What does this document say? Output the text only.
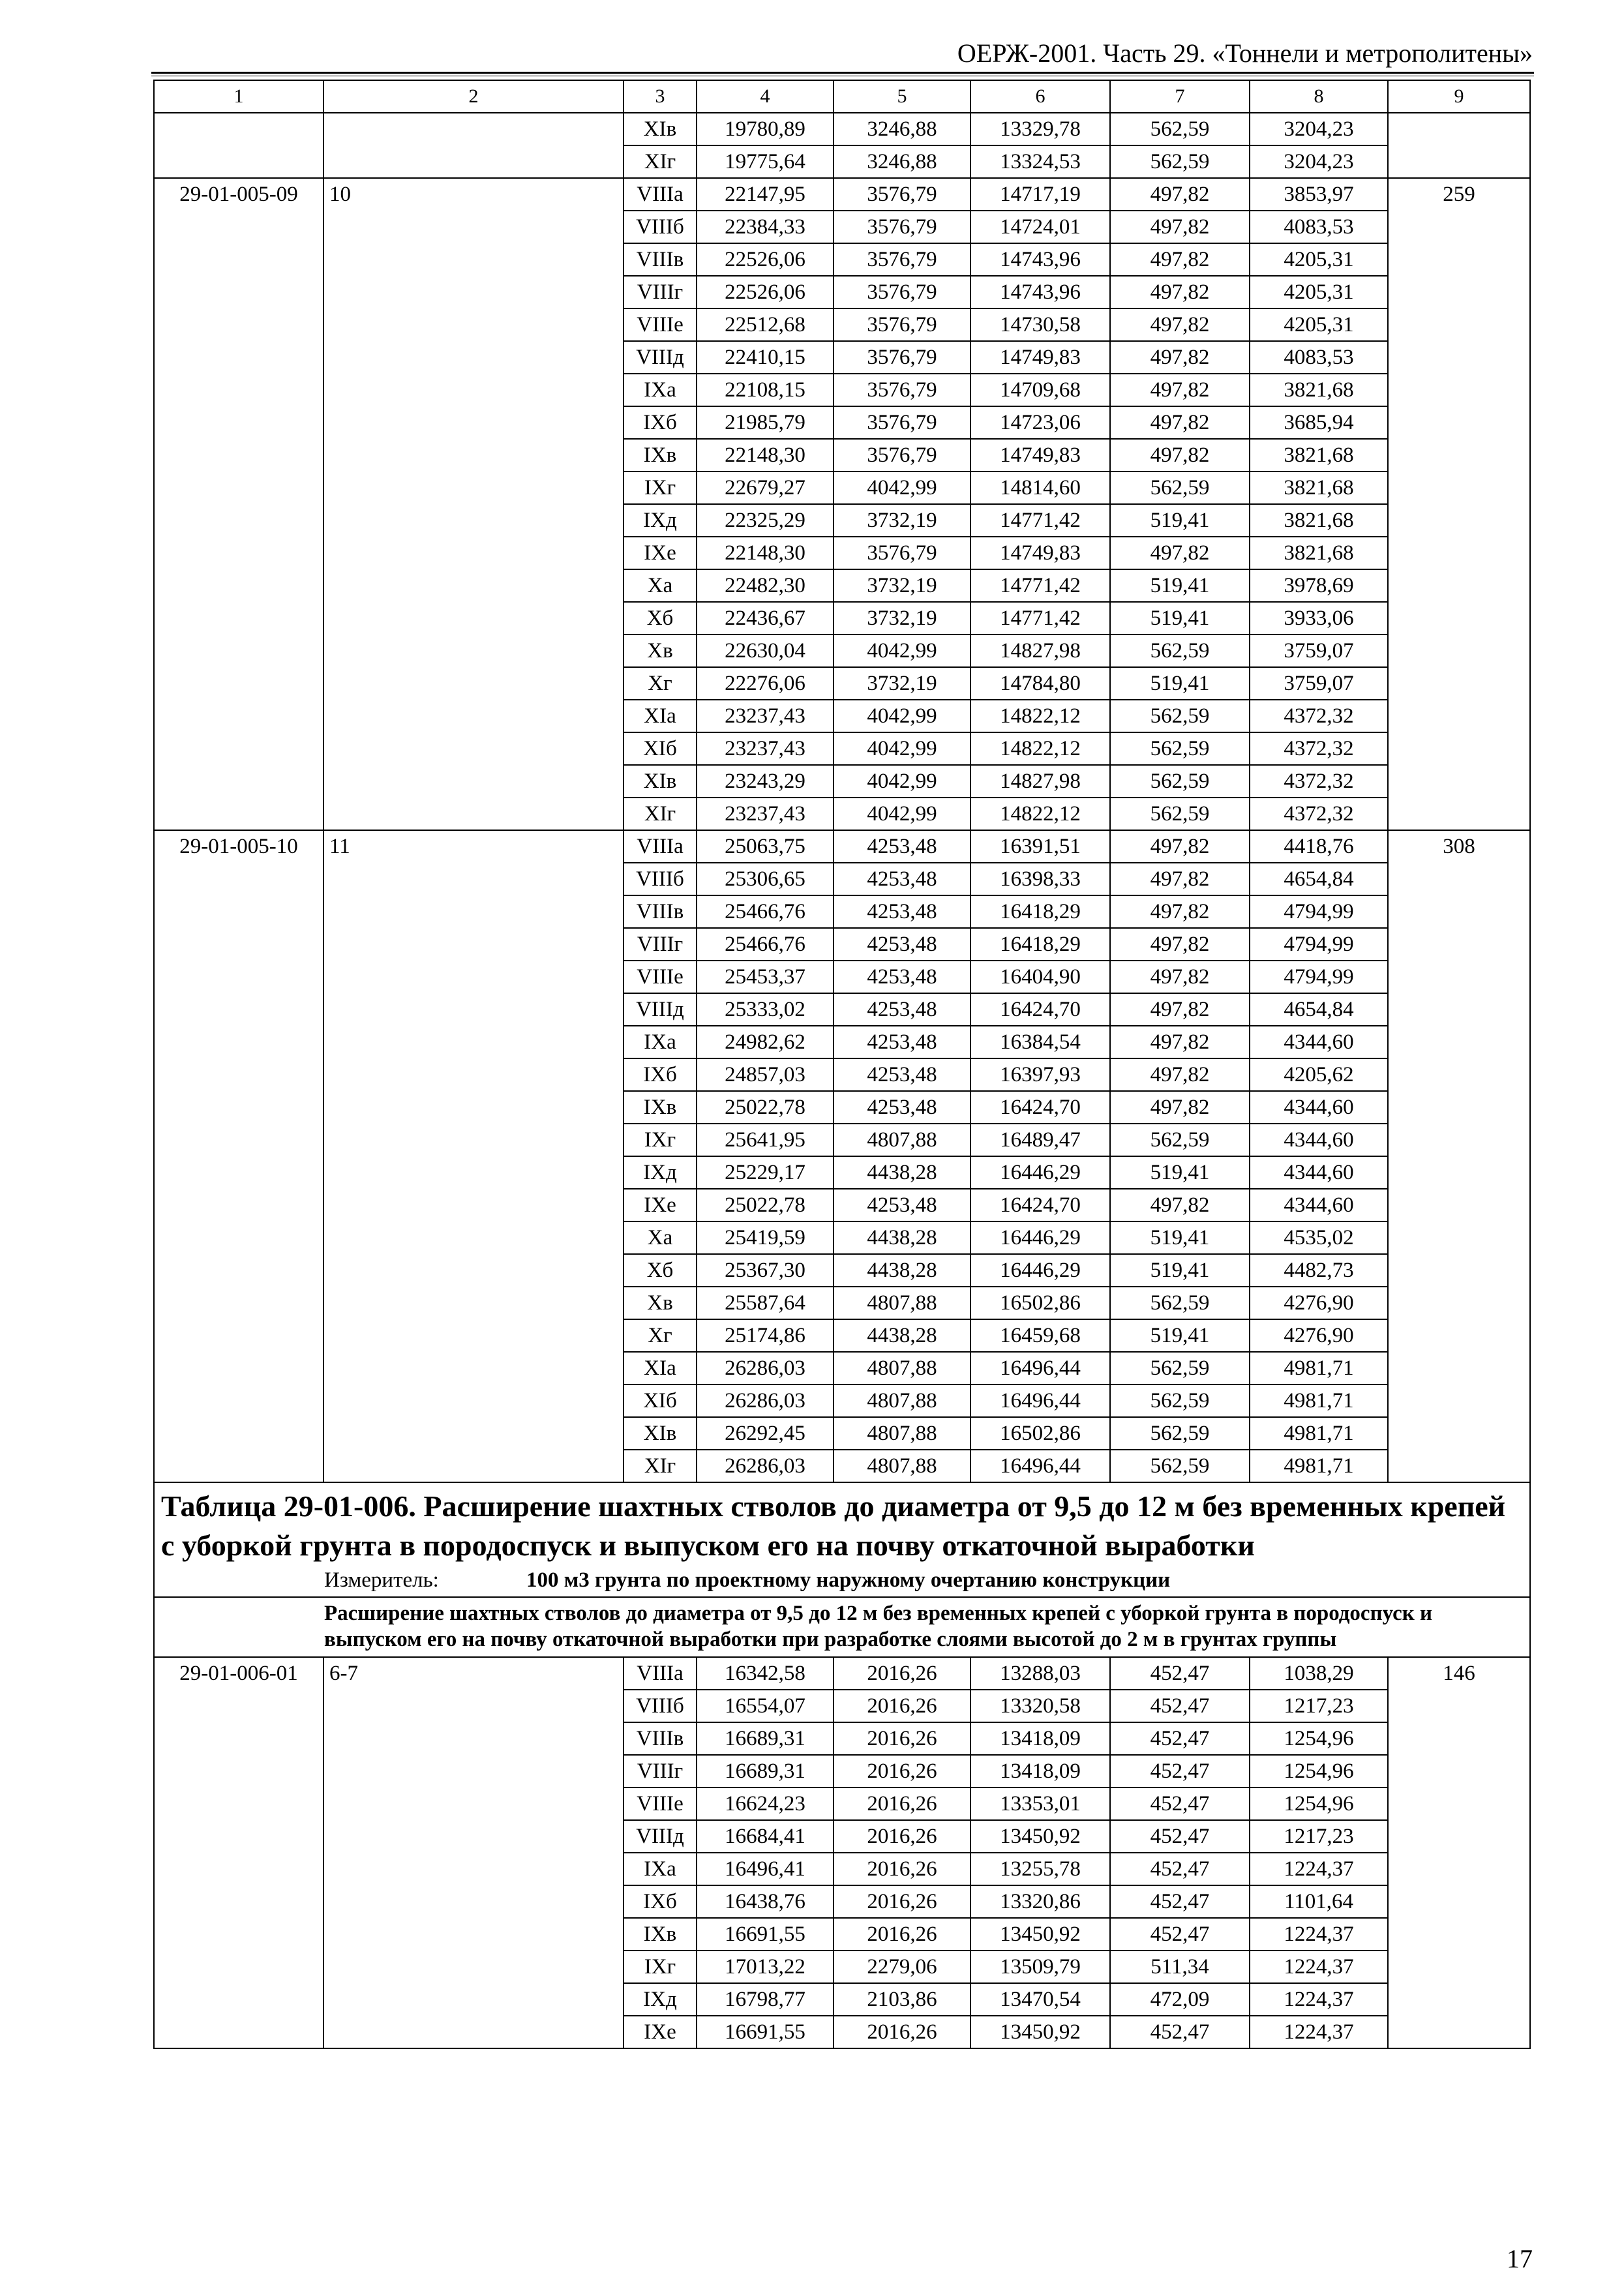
ОЕРЖ-2001. Часть 29. «Тоннели и метрополитены»
1	2	3	4	5	6	7	8	9
		XIв	19780,89	3246,88	13329,78	562,59	3204,23	
		XIг	19775,64	3246,88	13324,53	562,59	3204,23	
29-01-005-09	10	VIIIа	22147,95	3576,79	14717,19	497,82	3853,97	259
		VIIIб	22384,33	3576,79	14724,01	497,82	4083,53	
		VIIIв	22526,06	3576,79	14743,96	497,82	4205,31	
		VIIIг	22526,06	3576,79	14743,96	497,82	4205,31	
		VIIIе	22512,68	3576,79	14730,58	497,82	4205,31	
		VIIIд	22410,15	3576,79	14749,83	497,82	4083,53	
		IXа	22108,15	3576,79	14709,68	497,82	3821,68	
		IXб	21985,79	3576,79	14723,06	497,82	3685,94	
		IXв	22148,30	3576,79	14749,83	497,82	3821,68	
		IXг	22679,27	4042,99	14814,60	562,59	3821,68	
		IXд	22325,29	3732,19	14771,42	519,41	3821,68	
		IXе	22148,30	3576,79	14749,83	497,82	3821,68	
		Xа	22482,30	3732,19	14771,42	519,41	3978,69	
		Xб	22436,67	3732,19	14771,42	519,41	3933,06	
		Xв	22630,04	4042,99	14827,98	562,59	3759,07	
		Xг	22276,06	3732,19	14784,80	519,41	3759,07	
		XIа	23237,43	4042,99	14822,12	562,59	4372,32	
		XIб	23237,43	4042,99	14822,12	562,59	4372,32	
		XIв	23243,29	4042,99	14827,98	562,59	4372,32	
		XIг	23237,43	4042,99	14822,12	562,59	4372,32	
29-01-005-10	11	VIIIа	25063,75	4253,48	16391,51	497,82	4418,76	308
		VIIIб	25306,65	4253,48	16398,33	497,82	4654,84	
		VIIIв	25466,76	4253,48	16418,29	497,82	4794,99	
		VIIIг	25466,76	4253,48	16418,29	497,82	4794,99	
		VIIIе	25453,37	4253,48	16404,90	497,82	4794,99	
		VIIIд	25333,02	4253,48	16424,70	497,82	4654,84	
		IXа	24982,62	4253,48	16384,54	497,82	4344,60	
		IXб	24857,03	4253,48	16397,93	497,82	4205,62	
		IXв	25022,78	4253,48	16424,70	497,82	4344,60	
		IXг	25641,95	4807,88	16489,47	562,59	4344,60	
		IXд	25229,17	4438,28	16446,29	519,41	4344,60	
		IXе	25022,78	4253,48	16424,70	497,82	4344,60	
		Xа	25419,59	4438,28	16446,29	519,41	4535,02	
		Xб	25367,30	4438,28	16446,29	519,41	4482,73	
		Xв	25587,64	4807,88	16502,86	562,59	4276,90	
		Xг	25174,86	4438,28	16459,68	519,41	4276,90	
		XIа	26286,03	4807,88	16496,44	562,59	4981,71	
		XIб	26286,03	4807,88	16496,44	562,59	4981,71	
		XIв	26292,45	4807,88	16502,86	562,59	4981,71	
		XIг	26286,03	4807,88	16496,44	562,59	4981,71	

Таблица 29-01-006. Расширение шахтных стволов до диаметра от 9,5 до 12 м без временных крепей с уборкой грунта в породоспуск и выпуском его на почву откаточной выработки
Измеритель: 100 м3 грунта по проектному наружному очертанию конструкции								

Расширение шахтных стволов до диаметра от 9,5 до 12 м без временных крепей с уборкой грунта в породоспуск и выпуском его на почву откаточной выработки при разработке слоями высотой до 2 м в грунтах группы								
29-01-006-01	6-7	VIIIа	16342,58	2016,26	13288,03	452,47	1038,29	146
		VIIIб	16554,07	2016,26	13320,58	452,47	1217,23	
		VIIIв	16689,31	2016,26	13418,09	452,47	1254,96	
		VIIIг	16689,31	2016,26	13418,09	452,47	1254,96	
		VIIIе	16624,23	2016,26	13353,01	452,47	1254,96	
		VIIIд	16684,41	2016,26	13450,92	452,47	1217,23	
		IXа	16496,41	2016,26	13255,78	452,47	1224,37	
		IXб	16438,76	2016,26	13320,86	452,47	1101,64	
		IXв	16691,55	2016,26	13450,92	452,47	1224,37	
		IXг	17013,22	2279,06	13509,79	511,34	1224,37	
		IXд	16798,77	2103,86	13470,54	472,09	1224,37	
		IXе	16691,55	2016,26	13450,92	452,47	1224,37	
17
